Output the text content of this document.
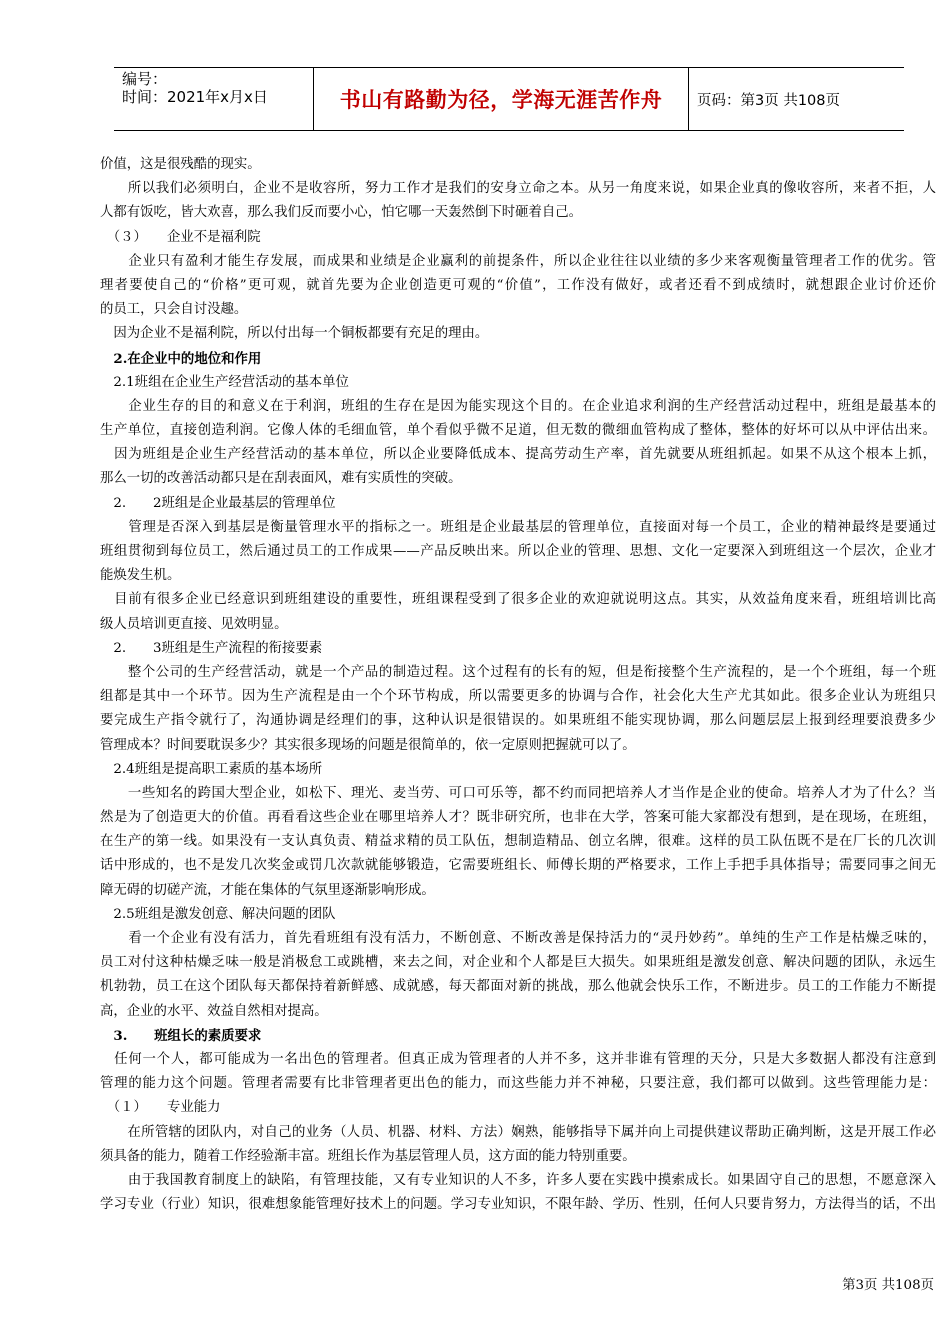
编号：
时间：2021年x月x日	书山有路勤为径，学海无涯苦作舟	页码：第3页 共108页
价值，这是很残酷的现实。
　　所以我们必须明白，企业不是收容所，努力工作才是我们的安身立命之本。从另一角度来说，如果企业真的像收容所，来者不拒，人
人都有饭吃，皆大欢喜，那么我们反而要小心，怕它哪一天轰然倒下时砸着自己。
　（３）　　企业不是福利院
　　企业只有盈利才能生存发展，而成果和业绩是企业赢利的前提条件，所以企业往往以业绩的多少来客观衡量管理者工作的优劣。管
理者要使自己的“价格”更可观，就首先要为企业创造更可观的“价值”，工作没有做好，或者还看不到成绩时，就想跟企业讨价还价
的员工，只会自讨没趣。
　因为企业不是福利院，所以付出每一个铜板都要有充足的理由。
　2.在企业中的地位和作用
　2.1班组在企业生产经营活动的基本单位
　　企业生存的目的和意义在于利润，班组的生存在是因为能实现这个目的。在企业追求利润的生产经营活动过程中，班组是最基本的
生产单位，直接创造利润。它像人体的毛细血管，单个看似乎微不足道，但无数的微细血管构成了整体，整体的好坏可以从中评估出来。
　因为班组是企业生产经营活动的基本单位，所以企业要降低成本、提高劳动生产率，首先就要从班组抓起。如果不从这个根本上抓，
那么一切的改善活动都只是在刮表面风，难有实质性的突破。
　2.　　2班组是企业最基层的管理单位
　　管理是否深入到基层是衡量管理水平的指标之一。班组是企业最基层的管理单位，直接面对每一个员工，企业的精神最终是要通过
班组贯彻到每位员工，然后通过员工的工作成果——产品反映出来。所以企业的管理、思想、文化一定要深入到班组这一个层次，企业才
能焕发生机。
　目前有很多企业已经意识到班组建设的重要性，班组课程受到了很多企业的欢迎就说明这点。其实，从效益角度来看，班组培训比高
级人员培训更直接、见效明显。
　2.　　3班组是生产流程的衔接要素
　　整个公司的生产经营活动，就是一个产品的制造过程。这个过程有的长有的短，但是衔接整个生产流程的，是一个个班组，每一个班
组都是其中一个环节。因为生产流程是由一个个环节构成，所以需要更多的协调与合作，社会化大生产尤其如此。很多企业认为班组只
要完成生产指令就行了，沟通协调是经理们的事，这种认识是很错误的。如果班组不能实现协调，那么问题层层上报到经理要浪费多少
管理成本？时间要耽误多少？其实很多现场的问题是很简单的，依一定原则把握就可以了。
　2.4班组是提高职工素质的基本场所
　　一些知名的跨国大型企业，如松下、理光、麦当劳、可口可乐等，都不约而同把培养人才当作是企业的使命。培养人才为了什么？当
然是为了创造更大的价值。再看看这些企业在哪里培养人才？既非研究所，也非在大学，答案可能大家都没有想到，是在现场，在班组，
在生产的第一线。如果没有一支认真负责、精益求精的员工队伍，想制造精品、创立名牌，很难。这样的员工队伍既不是在厂长的几次训
话中形成的，也不是发几次奖金或罚几次款就能够锻造，它需要班组长、师傅长期的严格要求，工作上手把手具体指导；需要同事之间无
障无碍的切磋产流，才能在集体的气氛里逐渐影响形成。
　2.5班组是激发创意、解决问题的团队
　　看一个企业有没有活力，首先看班组有没有活力，不断创意、不断改善是保持活力的“灵丹妙药”。单纯的生产工作是枯燥乏味的，
员工对付这种枯燥乏味一般是消极怠工或跳槽，来去之间，对企业和个人都是巨大损失。如果班组是激发创意、解决问题的团队，永远生
机勃勃，员工在这个团队每天都保持着新鲜感、成就感，每天都面对新的挑战，那么他就会快乐工作，不断进步。员工的工作能力不断提
高，企业的水平、效益自然相对提高。
　3.　　班组长的素质要求
　任何一个人，都可能成为一名出色的管理者。但真正成为管理者的人并不多，这并非谁有管理的天分，只是大多数据人都没有注意到
管理的能力这个问题。管理者需要有比非管理者更出色的能力，而这些能力并不神秘，只要注意，我们都可以做到。这些管理能力是：
　（１）　　专业能力
　　在所管辖的团队内，对自己的业务（人员、机器、材料、方法）娴熟，能够指导下属并向上司提供建议帮助正确判断，这是开展工作必
须具备的能力，随着工作经验渐丰富。班组长作为基层管理人员，这方面的能力特别重要。
　　由于我国教育制度上的缺陷，有管理技能，又有专业知识的人不多，许多人要在实践中摸索成长。如果固守自己的思想，不愿意深入
学习专业（行业）知识，很难想象能管理好技术上的问题。学习专业知识，不限年龄、学历、性别，任何人只要肯努力，方法得当的话，不出
第3页 共108页
